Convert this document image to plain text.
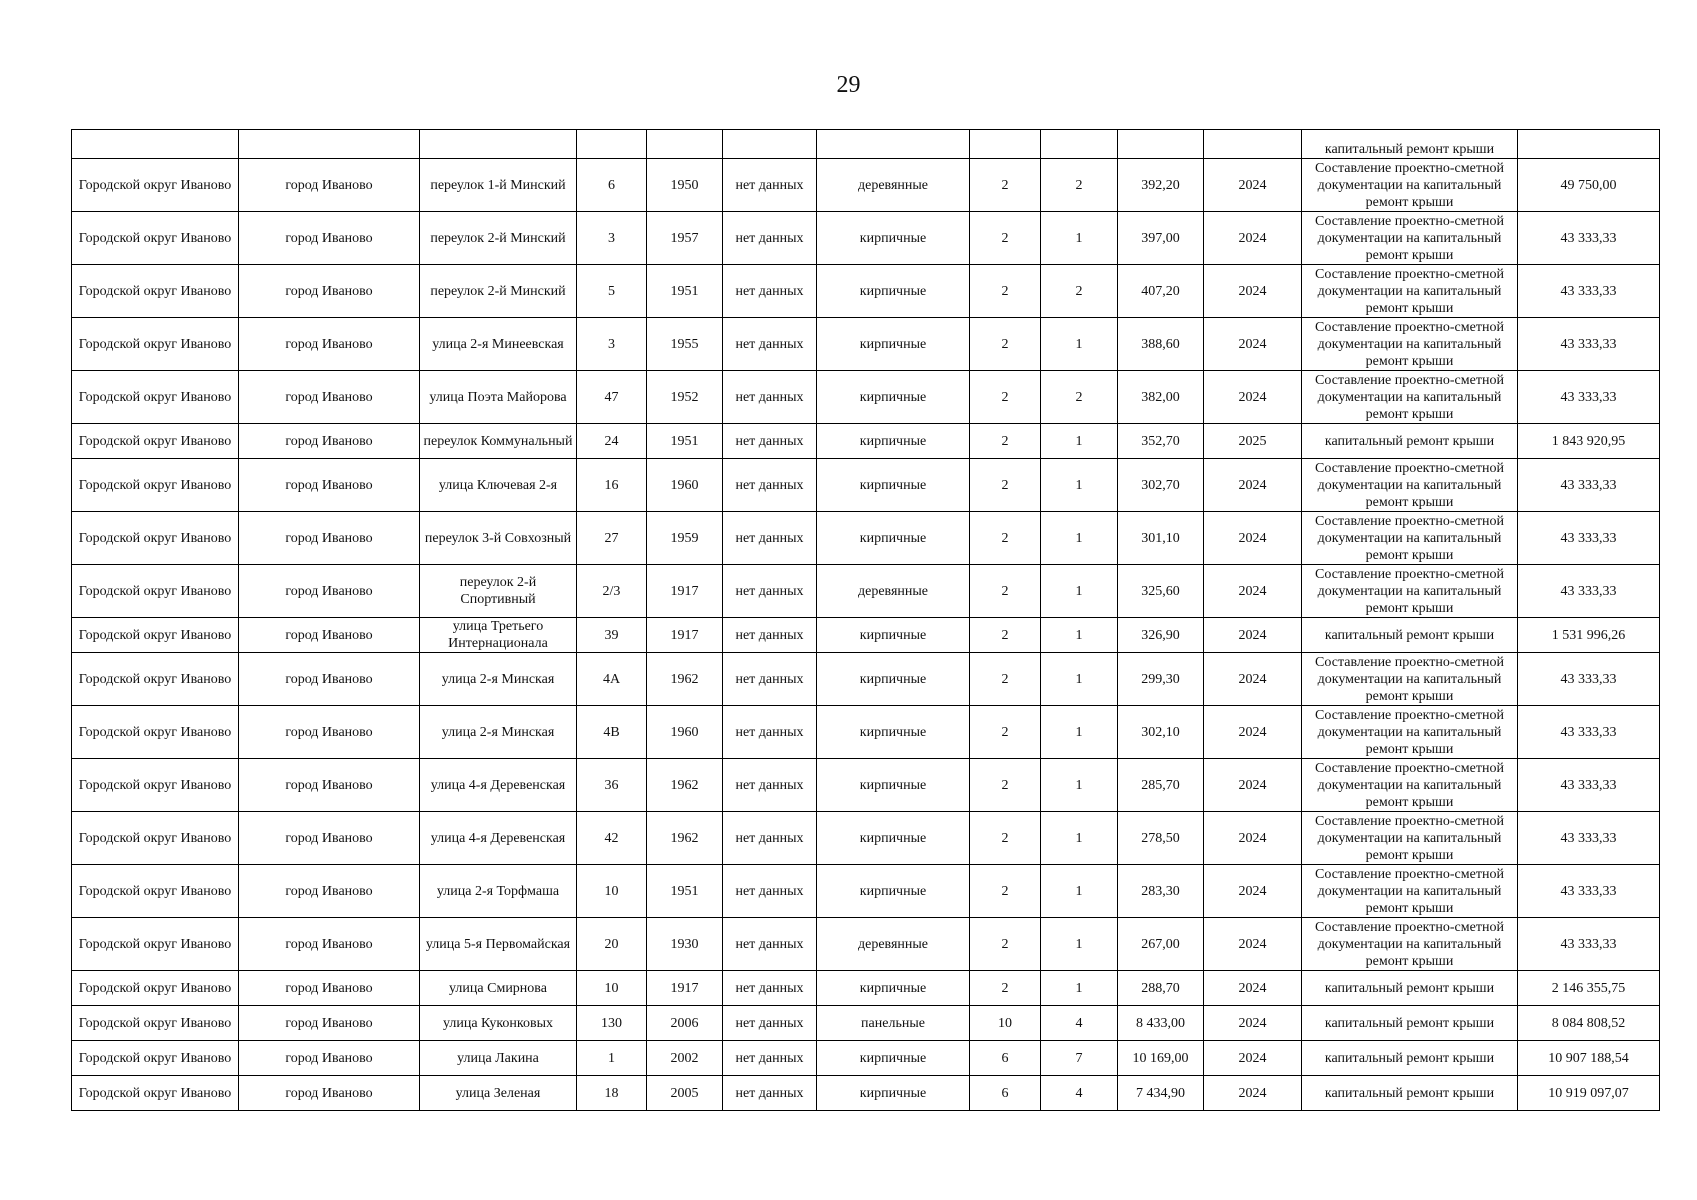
29
											капитальный ремонт крыши	
Городской округ Иваново	город Иваново	переулок 1-й Минский	6	1950	нет данных	деревянные	2	2	392,20	2024	Составление проектно-сметной документации на капитальный ремонт крыши	49 750,00
Городской округ Иваново	город Иваново	переулок 2-й Минский	3	1957	нет данных	кирпичные	2	1	397,00	2024	Составление проектно-сметной документации на капитальный ремонт крыши	43 333,33
Городской округ Иваново	город Иваново	переулок 2-й Минский	5	1951	нет данных	кирпичные	2	2	407,20	2024	Составление проектно-сметной документации на капитальный ремонт крыши	43 333,33
Городской округ Иваново	город Иваново	улица 2-я Минеевская	3	1955	нет данных	кирпичные	2	1	388,60	2024	Составление проектно-сметной документации на капитальный ремонт крыши	43 333,33
Городской округ Иваново	город Иваново	улица Поэта Майорова	47	1952	нет данных	кирпичные	2	2	382,00	2024	Составление проектно-сметной документации на капитальный ремонт крыши	43 333,33
Городской округ Иваново	город Иваново	переулок Коммунальный	24	1951	нет данных	кирпичные	2	1	352,70	2025	капитальный ремонт крыши	1 843 920,95
Городской округ Иваново	город Иваново	улица Ключевая 2-я	16	1960	нет данных	кирпичные	2	1	302,70	2024	Составление проектно-сметной документации на капитальный ремонт крыши	43 333,33
Городской округ Иваново	город Иваново	переулок 3-й Совхозный	27	1959	нет данных	кирпичные	2	1	301,10	2024	Составление проектно-сметной документации на капитальный ремонт крыши	43 333,33
Городской округ Иваново	город Иваново	переулок 2-й Спортивный	2/3	1917	нет данных	деревянные	2	1	325,60	2024	Составление проектно-сметной документации на капитальный ремонт крыши	43 333,33
Городской округ Иваново	город Иваново	улица Третьего Интернационала	39	1917	нет данных	кирпичные	2	1	326,90	2024	капитальный ремонт крыши	1 531 996,26
Городской округ Иваново	город Иваново	улица 2-я Минская	4А	1962	нет данных	кирпичные	2	1	299,30	2024	Составление проектно-сметной документации на капитальный ремонт крыши	43 333,33
Городской округ Иваново	город Иваново	улица 2-я Минская	4В	1960	нет данных	кирпичные	2	1	302,10	2024	Составление проектно-сметной документации на капитальный ремонт крыши	43 333,33
Городской округ Иваново	город Иваново	улица 4-я Деревенская	36	1962	нет данных	кирпичные	2	1	285,70	2024	Составление проектно-сметной документации на капитальный ремонт крыши	43 333,33
Городской округ Иваново	город Иваново	улица 4-я Деревенская	42	1962	нет данных	кирпичные	2	1	278,50	2024	Составление проектно-сметной документации на капитальный ремонт крыши	43 333,33
Городской округ Иваново	город Иваново	улица 2-я Торфмаша	10	1951	нет данных	кирпичные	2	1	283,30	2024	Составление проектно-сметной документации на капитальный ремонт крыши	43 333,33
Городской округ Иваново	город Иваново	улица 5-я Первомайская	20	1930	нет данных	деревянные	2	1	267,00	2024	Составление проектно-сметной документации на капитальный ремонт крыши	43 333,33
Городской округ Иваново	город Иваново	улица Смирнова	10	1917	нет данных	кирпичные	2	1	288,70	2024	капитальный ремонт крыши	2 146 355,75
Городской округ Иваново	город Иваново	улица Куконковых	130	2006	нет данных	панельные	10	4	8 433,00	2024	капитальный ремонт крыши	8 084 808,52
Городской округ Иваново	город Иваново	улица Лакина	1	2002	нет данных	кирпичные	6	7	10 169,00	2024	капитальный ремонт крыши	10 907 188,54
Городской округ Иваново	город Иваново	улица Зеленая	18	2005	нет данных	кирпичные	6	4	7 434,90	2024	капитальный ремонт крыши	10 919 097,07
